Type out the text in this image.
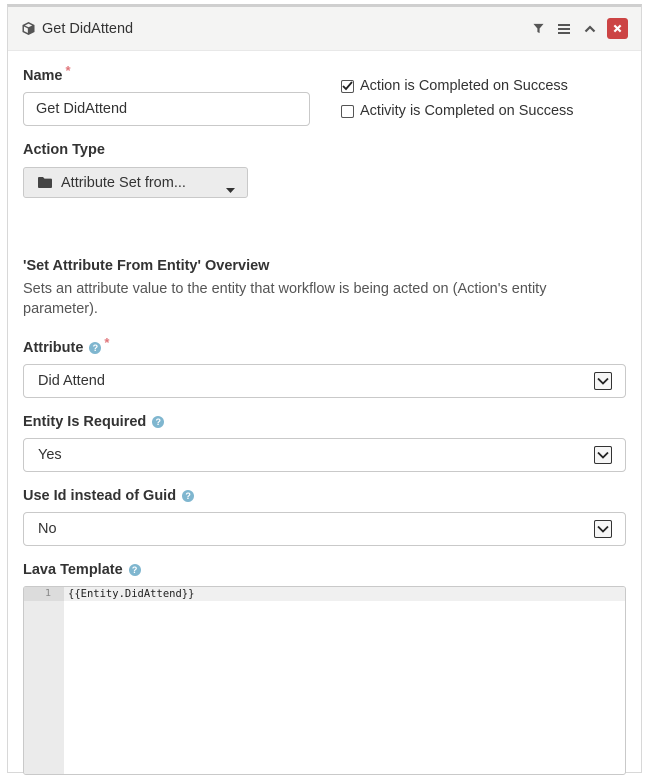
Get DidAttend
Name *
Get DidAttend
Action is Completed on Success
Activity is Completed on Success
Action Type
Attribute Set from...
'Set Attribute From Entity' Overview
Sets an attribute value to the entity that workflow is being acted on (Action's entity parameter).
Attribute ? *
Did Attend
Entity Is Required ?
Yes
Use Id instead of Guid ?
No
Lava Template ?
1 {{Entity.DidAttend}}
